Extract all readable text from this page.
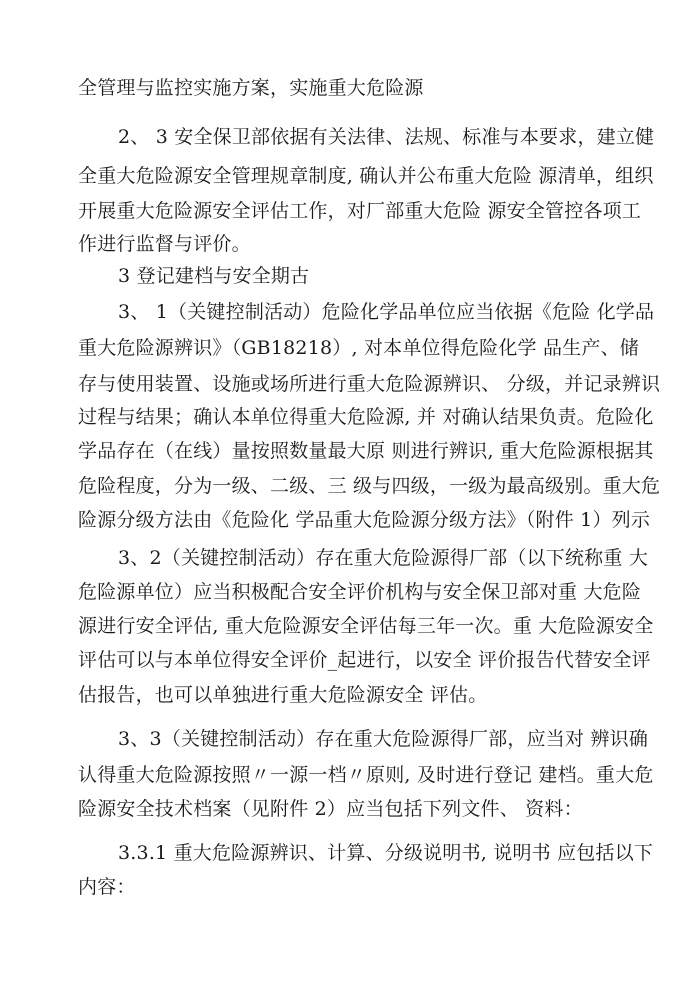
全管理与监控实施方案，实施重大危险源
2、 3 安全保卫部依据有关法律、法规、标准与本要求，建立健
全重大危险源安全管理规章制度, 确认并公布重大危险 源清单，组织
开展重大危险源安全评估工作，对厂部重大危险 源安全管控各项工
作进行监督与评价。
3 登记建档与安全期古
3、 1（关键控制活动）危险化学品单位应当依据《危险 化学品
重大危险源辨识》（GB18218）, 对本单位得危险化学 品生产、储
存与使用装置、设施或场所进行重大危险源辨识、 分级，并记录辨识
过程与结果；确认本单位得重大危险源, 并 对确认结果负责。危险化
学品存在（在线）量按照数量最大原 则进行辨识, 重大危险源根据其
危险程度，分为一级、二级、三 级与四级，一级为最高级别。重大危
险源分级方法由《危险化 学品重大危险源分级方法》（附件 1）列示
3、2（关键控制活动）存在重大危险源得厂部（以下统称重 大
危险源单位）应当积极配合安全评价机构与安全保卫部对重 大危险
源进行安全评估, 重大危险源安全评估每三年一次。重 大危险源安全
评估可以与本单位得安全评价_起进行，以安全 评价报告代替安全评
估报告，也可以单独进行重大危险源安全 评估。
3、3（关键控制活动）存在重大危险源得厂部，应当对 辨识确
认得重大危险源按照〃一源一档〃原则, 及时进行登记 建档。重大危
险源安全技术档案（见附件 2）应当包括下列文件、 资料：
3.3.1 重大危险源辨识、计算、分级说明书, 说明书 应包括以下
内容：
